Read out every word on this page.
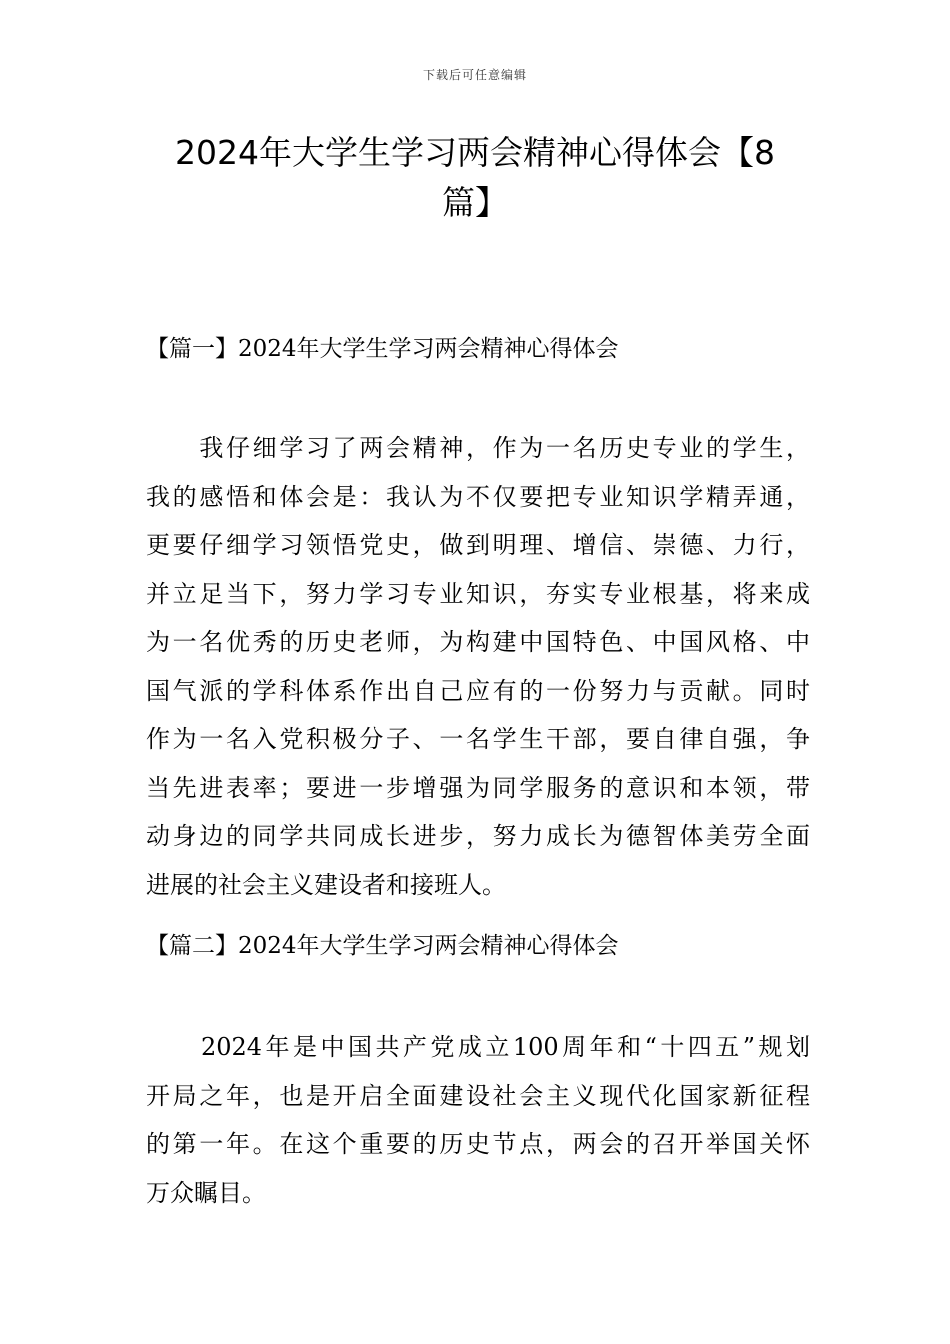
下载后可任意编辑
2024年大学生学习两会精神心得体会【8
篇】
【篇一】2024年大学生学习两会精神心得体会

　　我仔细学习了两会精神，作为一名历史专业的学生，
我的感悟和体会是：我认为不仅要把专业知识学精弄通，
更要仔细学习领悟党史，做到明理、增信、崇德、力行，
并立足当下，努力学习专业知识，夯实专业根基，将来成
为一名优秀的历史老师，为构建中国特色、中国风格、中
国气派的学科体系作出自己应有的一份努力与贡献。同时
作为一名入党积极分子、一名学生干部，要自律自强，争
当先进表率；要进一步增强为同学服务的意识和本领，带
动身边的同学共同成长进步，努力成长为德智体美劳全面
进展的社会主义建设者和接班人。

【篇二】2024年大学生学习两会精神心得体会

　　2024年是中国共产党成立100周年和“十四五”规划
开局之年，也是开启全面建设社会主义现代化国家新征程
的第一年。在这个重要的历史节点，两会的召开举国关怀
万众瞩目。
